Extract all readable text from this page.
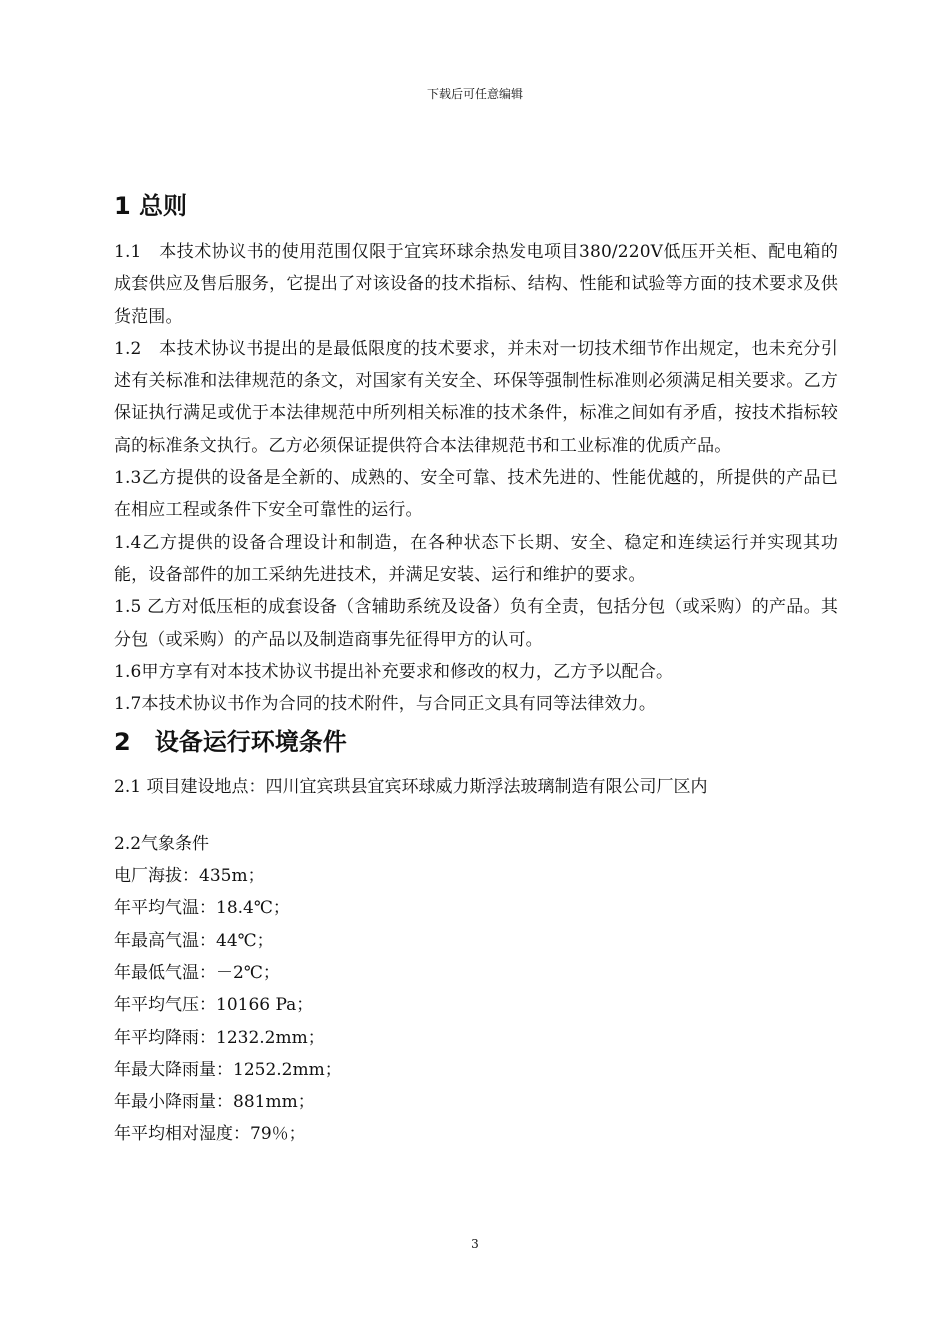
下载后可任意编辑
1 总则

1.1　本技术协议书的使用范围仅限于宜宾环球余热发电项目380/220V低压开关柜、配电箱的成套供应及售后服务，它提出了对该设备的技术指标、结构、性能和试验等方面的技术要求及供货范围。

1.2　本技术协议书提出的是最低限度的技术要求，并未对一切技术细节作出规定，也未充分引述有关标准和法律规范的条文，对国家有关安全、环保等强制性标准则必须满足相关要求。乙方保证执行满足或优于本法律规范中所列相关标准的技术条件，标准之间如有矛盾，按技术指标较高的标准条文执行。乙方必须保证提供符合本法律规范书和工业标准的优质产品。

1.3乙方提供的设备是全新的、成熟的、安全可靠、技术先进的、性能优越的，所提供的产品已在相应工程或条件下安全可靠性的运行。

1.4乙方提供的设备合理设计和制造，在各种状态下长期、安全、稳定和连续运行并实现其功能，设备部件的加工采纳先进技术，并满足安装、运行和维护的要求。

1.5 乙方对低压柜的成套设备（含辅助系统及设备）负有全责，包括分包（或采购）的产品。其分包（或采购）的产品以及制造商事先征得甲方的认可。

1.6甲方享有对本技术协议书提出补充要求和修改的权力，乙方予以配合。

1.7本技术协议书作为合同的技术附件，与合同正文具有同等法律效力。

2　设备运行环境条件

2.1 项目建设地点：四川宜宾珙县宜宾环球威力斯浮法玻璃制造有限公司厂区内

2.2气象条件

电厂海拔：435m；

年平均气温：18.4℃；

年最高气温：44℃；

年最低气温：－2℃；

年平均气压：10166 Pa；

年平均降雨：1232.2mm；

年最大降雨量：1252.2mm；

年最小降雨量：881mm；

年平均相对湿度：79％；

3
